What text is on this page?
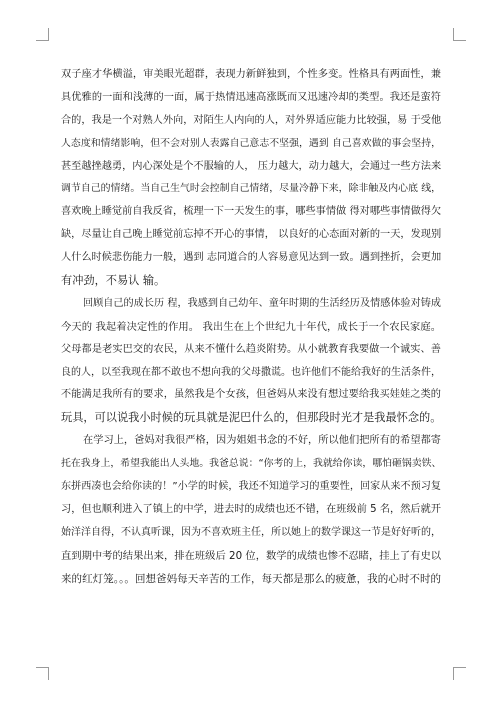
双子座才华横溢，审美眼光超群，表现力新鲜独到，个性多变。性格具有两面性，兼
具优雅的一面和浅薄的一面，属于热情迅速高涨既而又迅速冷却的类型。我还是蛮符
合的，我是一个对熟人外向，对陌生人内向的人，对外界适应能力比较强，易 于受他
人态度和情绪影响，但不会对别人表露自己意志不坚强，遇到 自己喜欢做的事会坚持，
甚至越挫越勇，内心深处是个不服输的人， 压力越大，动力越大，会通过一些方法来
调节自己的情绪。当自己生气时会控制自己情绪，尽量冷静下来，除非触及内心底 线，
喜欢晚上睡觉前自我反省，梳理一下一天发生的事，哪些事情做 得对哪些事情做得欠
缺，尽量让自己晚上睡觉前忘掉不开心的事情， 以良好的心态面对新的一天，发现别
人什么时候悲伤能力一般，遇到 志同道合的人容易意见达到一致。遇到挫折，会更加
有冲劲，不易认 输。
回顾自己的成长历 程，我感到自己幼年、童年时期的生活经历及情感体验对铸成
今天的 我起着决定性的作用。 我出生在上个世纪九十年代，成长于一个农民家庭。
父母都是老实巴交的农民，从来不懂什么趋炎附势。从小就教育我要做一个诚实、善
良的人，以至我现在都不敢也不想向我的父母撒谎。也许他们不能给我好的生活条件，
不能满足我所有的要求，虽然我是个女孩，但爸妈从来没有想过要给我买娃娃之类的
玩具，可以说我小时候的玩具就是泥巴什么的，但那段时光才是我最怀念的。
在学习上，爸妈对我很严格，因为姐姐书念的不好，所以他们把所有的希望都寄
托在我身上，希望我能出人头地。我爸总说：“你考的上，我就给你读，哪怕砸锅卖铁、
东拼西凑也会给你读的！”小学的时候，我还不知道学习的重要性，回家从来不预习复
习，但也顺利进入了镇上的中学，进去时的成绩也还不错，在班级前 5 名，然后就开
始洋洋自得，不认真听课，因为不喜欢班主任，所以她上的数学课这一节是好好听的，
直到期中考的结果出来，排在班级后 20 位，数学的成绩也惨不忍睹，挂上了有史以
来的红灯笼。。。回想爸妈每天辛苦的工作，每天都是那么的疲惫，我的心时不时的
